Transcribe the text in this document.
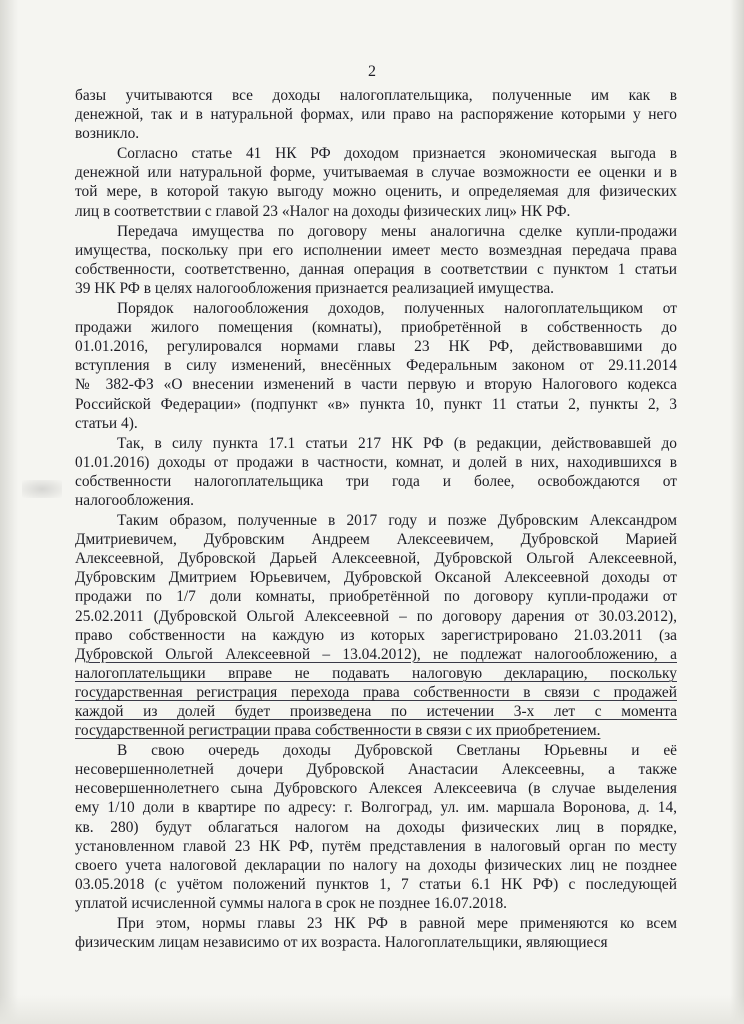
2
базы учитываются все доходы налогоплательщика, полученные им как в
денежной, так и в натуральной формах, или право на распоряжение которыми у него
возникло.
Согласно статье 41 НК РФ доходом признается экономическая выгода в
денежной или натуральной форме, учитываемая в случае возможности ее оценки и в
той мере, в которой такую выгоду можно оценить, и определяемая для физических
лиц в соответствии с главой 23 «Налог на доходы физических лиц» НК РФ.
Передача имущества по договору мены аналогична сделке купли-продажи
имущества, поскольку при его исполнении имеет место возмездная передача права
собственности, соответственно, данная операция в соответствии с пунктом 1 статьи
39 НК РФ в целях налогообложения признается реализацией имущества.
Порядок налогообложения доходов, полученных налогоплательщиком от
продажи жилого помещения (комнаты), приобретённой в собственность до
01.01.2016, регулировался нормами главы 23 НК РФ, действовавшими до
вступления в силу изменений, внесённых Федеральным законом от 29.11.2014
№ 382-ФЗ «О внесении изменений в части первую и вторую Налогового кодекса
Российской Федерации» (подпункт «в» пункта 10, пункт 11 статьи 2, пункты 2, 3
статьи 4).
Так, в силу пункта 17.1 статьи 217 НК РФ (в редакции, действовавшей до
01.01.2016) доходы от продажи в частности, комнат, и долей в них, находившихся в
собственности налогоплательщика три года и более, освобождаются от
налогообложения.
Таким образом, полученные в 2017 году и позже Дубровским Александром
Дмитриевичем, Дубровским Андреем Алексеевичем, Дубровской Марией
Алексеевной, Дубровской Дарьей Алексеевной, Дубровской Ольгой Алексеевной,
Дубровским Дмитрием Юрьевичем, Дубровской Оксаной Алексеевной доходы от
продажи по 1/7 доли комнаты, приобретённой по договору купли-продажи от
25.02.2011 (Дубровской Ольгой Алексеевной – по договору дарения от 30.03.2012),
право собственности на каждую из которых зарегистрировано 21.03.2011 (за
Дубровской Ольгой Алексеевной – 13.04.2012), не подлежат налогообложению, а
налогоплательщики вправе не подавать налоговую декларацию, поскольку
государственная регистрация перехода права собственности в связи с продажей
каждой из долей будет произведена по истечении 3-х лет с момента
государственной регистрации права собственности в связи с их приобретением.
В свою очередь доходы Дубровской Светланы Юрьевны и её
несовершеннолетней дочери Дубровской Анастасии Алексеевны, а также
несовершеннолетнего сына Дубровского Алексея Алексеевича (в случае выделения
ему 1/10 доли в квартире по адресу: г. Волгоград, ул. им. маршала Воронова, д. 14,
кв. 280) будут облагаться налогом на доходы физических лиц в порядке,
установленном главой 23 НК РФ, путём представления в налоговый орган по месту
своего учета налоговой декларации по налогу на доходы физических лиц не позднее
03.05.2018 (с учётом положений пунктов 1, 7 статьи 6.1 НК РФ) с последующей
уплатой исчисленной суммы налога в срок не позднее 16.07.2018.
При этом, нормы главы 23 НК РФ в равной мере применяются ко всем
физическим лицам независимо от их возраста. Налогоплательщики, являющиеся
